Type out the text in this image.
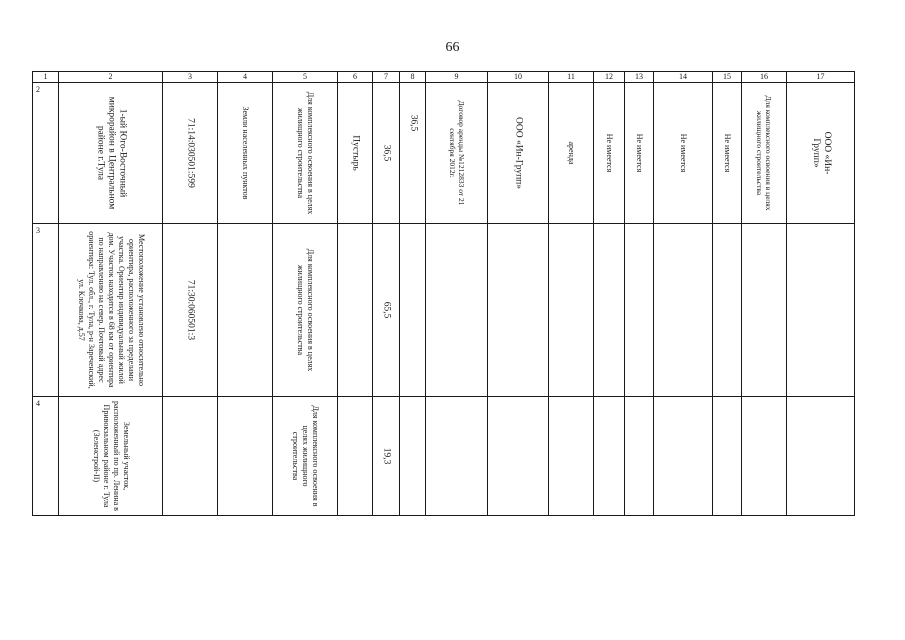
66
1	2	3	4	5	6	7	8	9	10	11	12	13	14	15	16	17

2	1-ый Юго-Восточный микрорайон в Центральном районе г.Тула	71:14:030501:599	Земли населенных пунктов	Для комплексного освоения в целях жилищного строительства	Пустырь	36,5	36,5	Договор аренды №1212833 от 21 сентября 2012г.	ООО «Ин-Групп»	аренда	Не имеется	Не имеется	Не имеется	Не имеется	Для комплексного освоения в целях жилищного строительства	ООО «Ин-Групп»

3	Местоположение установлено относительно ориентира, расположенного за пределами участка. Ориентир индивидуальный жилой дом. Участок находится в 68 км от ориентира по направлению на север. Почтовый адрес ориентира: Тул. обл., г. Тула, р-н Зареченский, ул. Клочкова, д.57	71:30:060501:3		Для комплексного освоения в целях жилищного строительства		65,5										

4	Земельный участок, расположенный по пр. Ленина в Привокзальном районе г. Тула (Зеленстрой-II)			Для комплексного освоения в целях жилищного строительства		19,3										
